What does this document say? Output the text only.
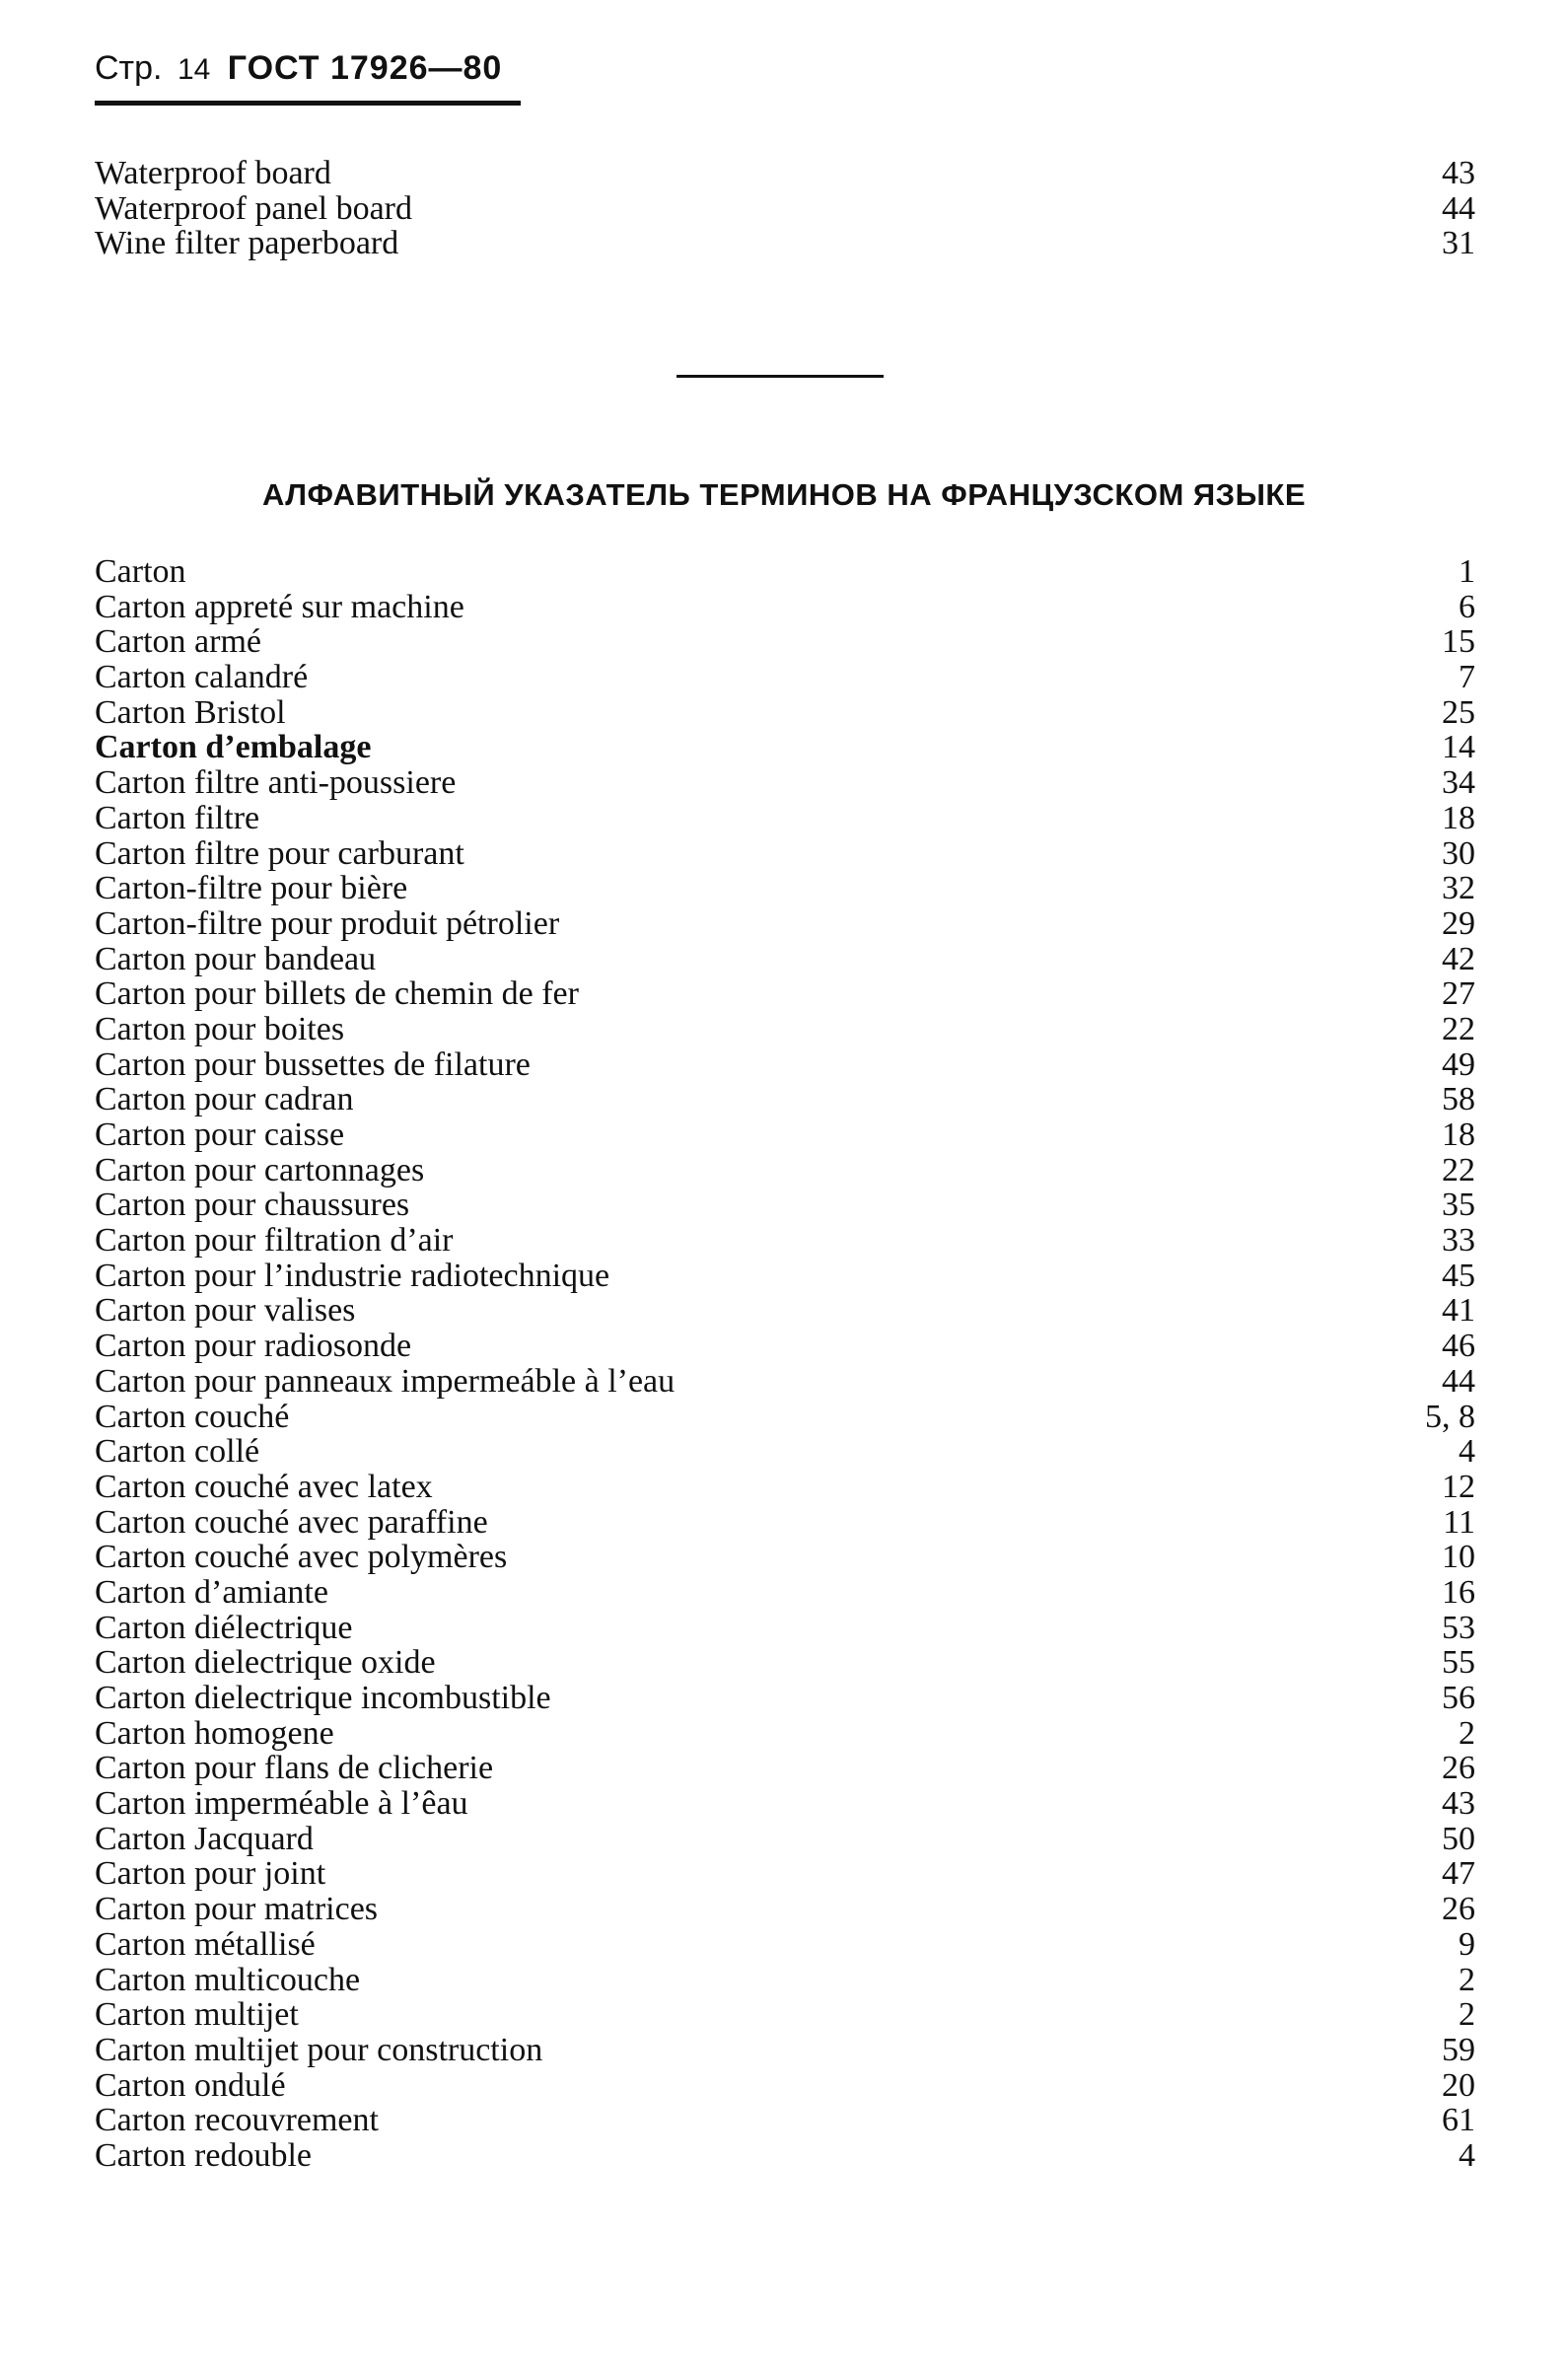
Стр. 14 ГОСТ 17926—80
Waterproof board	43
Waterproof panel board	44
Wine filter paperboard	31
АЛФАВИТНЫЙ УКАЗАТЕЛЬ ТЕРМИНОВ НА ФРАНЦУЗСКОМ ЯЗЫКЕ
Carton	1
Carton appreté sur machine	6
Carton armé	15
Carton calandré	7
Carton Bristol	25
Carton d’embalage	14
Carton filtre anti-poussiere	34
Carton filtre	18
Carton filtre pour carburant	30
Carton-filtre pour bière	32
Carton-filtre pour produit pétrolier	29
Carton pour bandeau	42
Carton pour billets de chemin de fer	27
Carton pour boites	22
Carton pour bussettes de filature	49
Carton pour cadran	58
Carton pour caisse	18
Carton pour cartonnages	22
Carton pour chaussures	35
Carton pour filtration d’air	33
Carton pour l’industrie radiotechnique	45
Carton pour valises	41
Carton pour radiosonde	46
Carton pour panneaux impermeáble à l’eau	44
Carton couché	5, 8
Carton collé	4
Carton couché avec latex	12
Carton couché avec paraffine	11
Carton couché avec polymères	10
Carton d’amiante	16
Carton diélectrique	53
Carton dielectrique oxide	55
Carton dielectrique incombustible	56
Carton homogene	2
Carton pour flans de clicherie	26
Carton imperméable à l’êau	43
Carton Jacquard	50
Carton pour joint	47
Carton pour matrices	26
Carton métallisé	9
Carton multicouche	2
Carton multijet	2
Carton multijet pour construction	59
Carton ondulé	20
Carton recouvrement	61
Carton redouble	4
